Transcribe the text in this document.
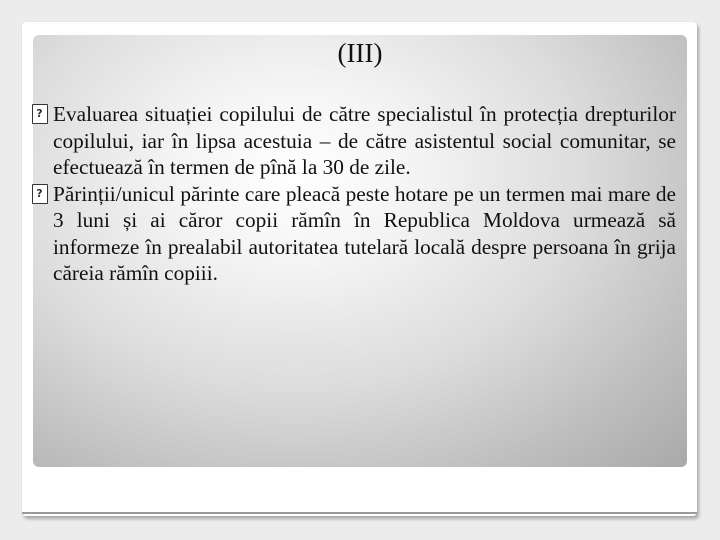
(III)
?
Evaluarea situației copilului de către specialistul în protecția drepturilor copilului, iar în lipsa acestuia – de către asistentul social comunitar, se efectuează în termen de pînă la 30 de zile.
?
Părinții/unicul părinte care pleacă peste hotare pe un termen mai mare de 3 luni și ai căror copii rămîn în Republica Moldova urmează să informeze în prealabil autoritatea tutelară locală despre persoana în grija căreia rămîn copiii.
